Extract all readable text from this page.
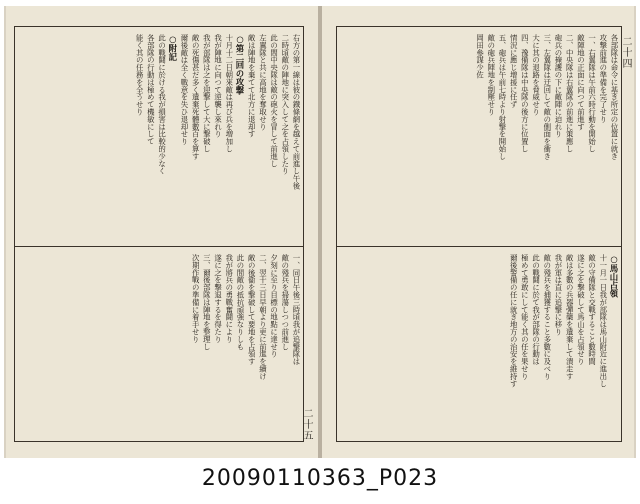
右方の第一線は彼の鐡條網を越えて前進し午後
二時頃敵の陣地に突入して之を占領したり
此の間中央隊は敵の砲火を冒して前進し
左翼隊と共に高地を奪取せり
敵は陣地を棄てて北方に退却す
○第二回の攻撃
十月十二日朝來敵は再び兵を増加し
我が陣地に向つて逆襲し來れり
我が部隊は之を迎撃して大に撃破し
敵の死傷甚だ多く遺棄死體數百を算す
爾後敵は全く戰意を失ひ退却せり
○附記
此の戰鬪に於ける我が損害は比較的少なく
各部隊の行動は極めて機敏にして
能く其の任務を全うせり
一、同日午後三時頃我が追撃隊は
敵の殘兵を掃蕩しつつ前進し
夕刻に至り目標の地點に達せり
二、翌十三日早朝より更に前進を續け
敵の後衞を撃破して要地を占領す
此の間敵の抵抗頑強なりしも
我が將兵の勇戰奮鬪により
遂に之を撃退するを得たり
三、爾後部隊は陣地を整理し
次期作戰の準備に着手せり
二十五
各部隊は命令に基き所定の位置に就き
攻撃前進の準備を完了せり
一、右翼隊は午前六時行動を開始し
敵陣地の正面に向つて前進す
二、中央隊は右翼隊の前進に策應し
砲兵の掩護の下に敵陣に迫れり
三、左翼隊は迂回して敵の側面を衝き
大に其の退路を脅威せり
四、豫備隊は中央隊の後方に位置し
情況に應じ增援に任ず
五、砲兵は午前七時より射撃を開始し
敵の砲兵陣地を制壓せり
岡田參謀少佐
○馬山占領
十一月一日我が部隊は馬山附近に進出し
敵の守備隊と交戰すること數時間
遂に之を撃破して馬山を占領せり
敵は多數の兵器彈藥を遺棄して潰走す
我が軍は直に追撃に移り
敵の殘兵を捕獲すること多數に及べり
此の戰鬪に於て我が部隊の行動は
極めて勇敢にして能く其の任を果せり
爾後警備の任に就き地方の治安を維持す
二十四
20090110363_P023
